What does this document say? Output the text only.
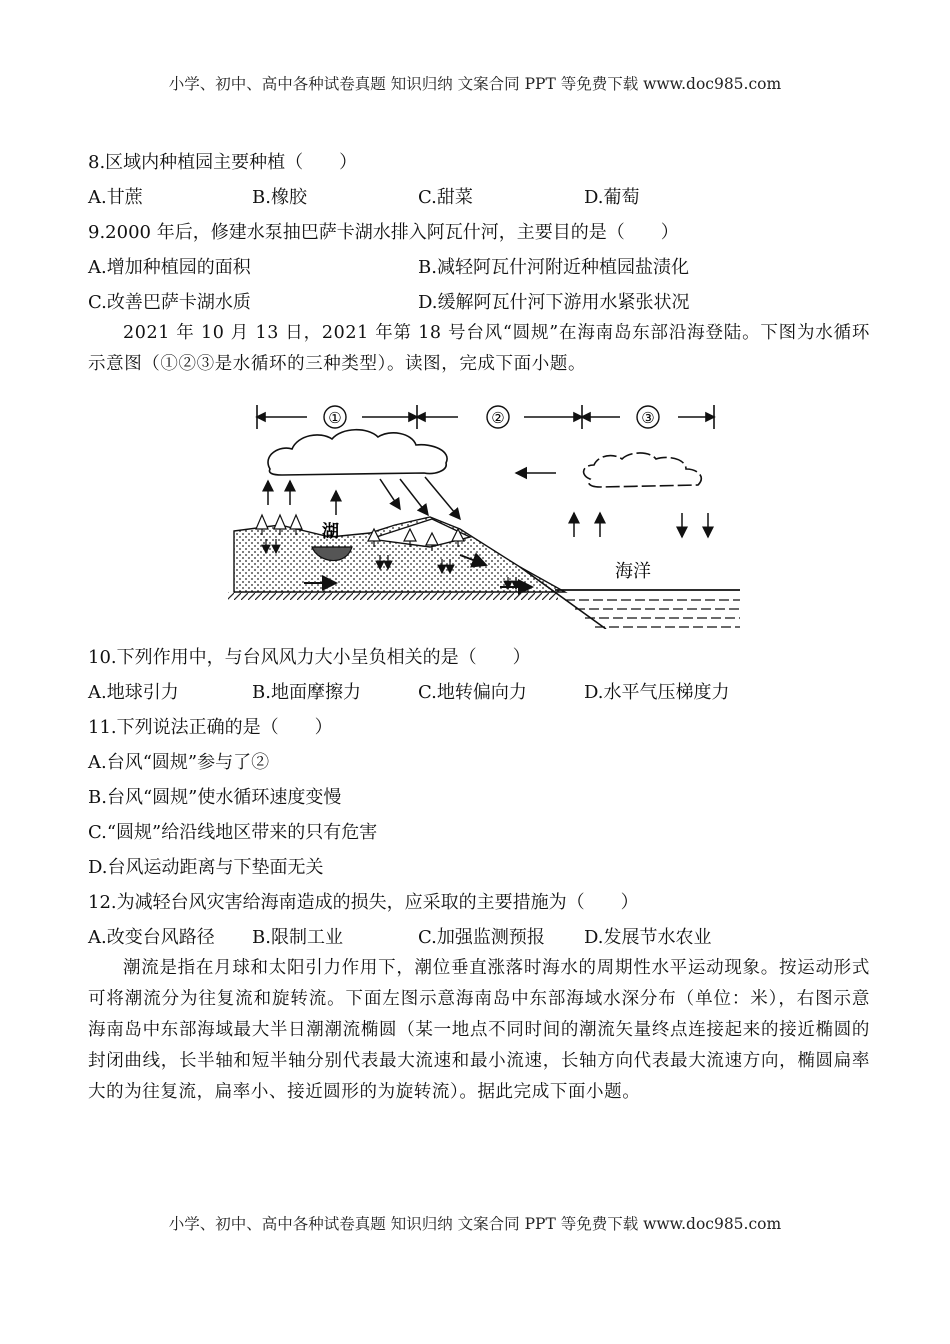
小学、初中、高中各种试卷真题 知识归纳 文案合同 PPT 等免费下载 www.doc985.com
8.区域内种植园主要种植（　　）
A.甘蔗	B.橡胶	C.甜菜	D.葡萄
9.2000 年后，修建水泵抽巴萨卡湖水排入阿瓦什河，主要目的是（　　）
A.增加种植园的面积	B.减轻阿瓦什河附近种植园盐渍化
C.改善巴萨卡湖水质	D.缓解阿瓦什河下游用水紧张状况
2021 年 10 月 13 日，2021 年第 18 号台风“圆规”在海南岛东部沿海登陆。下图为水循环示意图（①②③是水循环的三种类型）。读图，完成下面小题。
①	②	③
湖
海洋
10.下列作用中，与台风风力大小呈负相关的是（　　）
A.地球引力	B.地面摩擦力	C.地转偏向力	D.水平气压梯度力
11.下列说法正确的是（　　）
A.台风“圆规”参与了②
B.台风“圆规”使水循环速度变慢
C.“圆规”给沿线地区带来的只有危害
D.台风运动距离与下垫面无关
12.为减轻台风灾害给海南造成的损失，应采取的主要措施为（　　）
A.改变台风路径 B.限制工业	C.加强监测预报 D.发展节水农业
潮流是指在月球和太阳引力作用下，潮位垂直涨落时海水的周期性水平运动现象。按运动形式可将潮流分为往复流和旋转流。下面左图示意海南岛中东部海域水深分布（单位：米），右图示意海南岛中东部海域最大半日潮潮流椭圆（某一地点不同时间的潮流矢量终点连接起来的接近椭圆的封闭曲线，长半轴和短半轴分别代表最大流速和最小流速，长轴方向代表最大流速方向，椭圆扁率大的为往复流，扁率小、接近圆形的为旋转流）。据此完成下面小题。
小学、初中、高中各种试卷真题 知识归纳 文案合同 PPT 等免费下载 www.doc985.com
